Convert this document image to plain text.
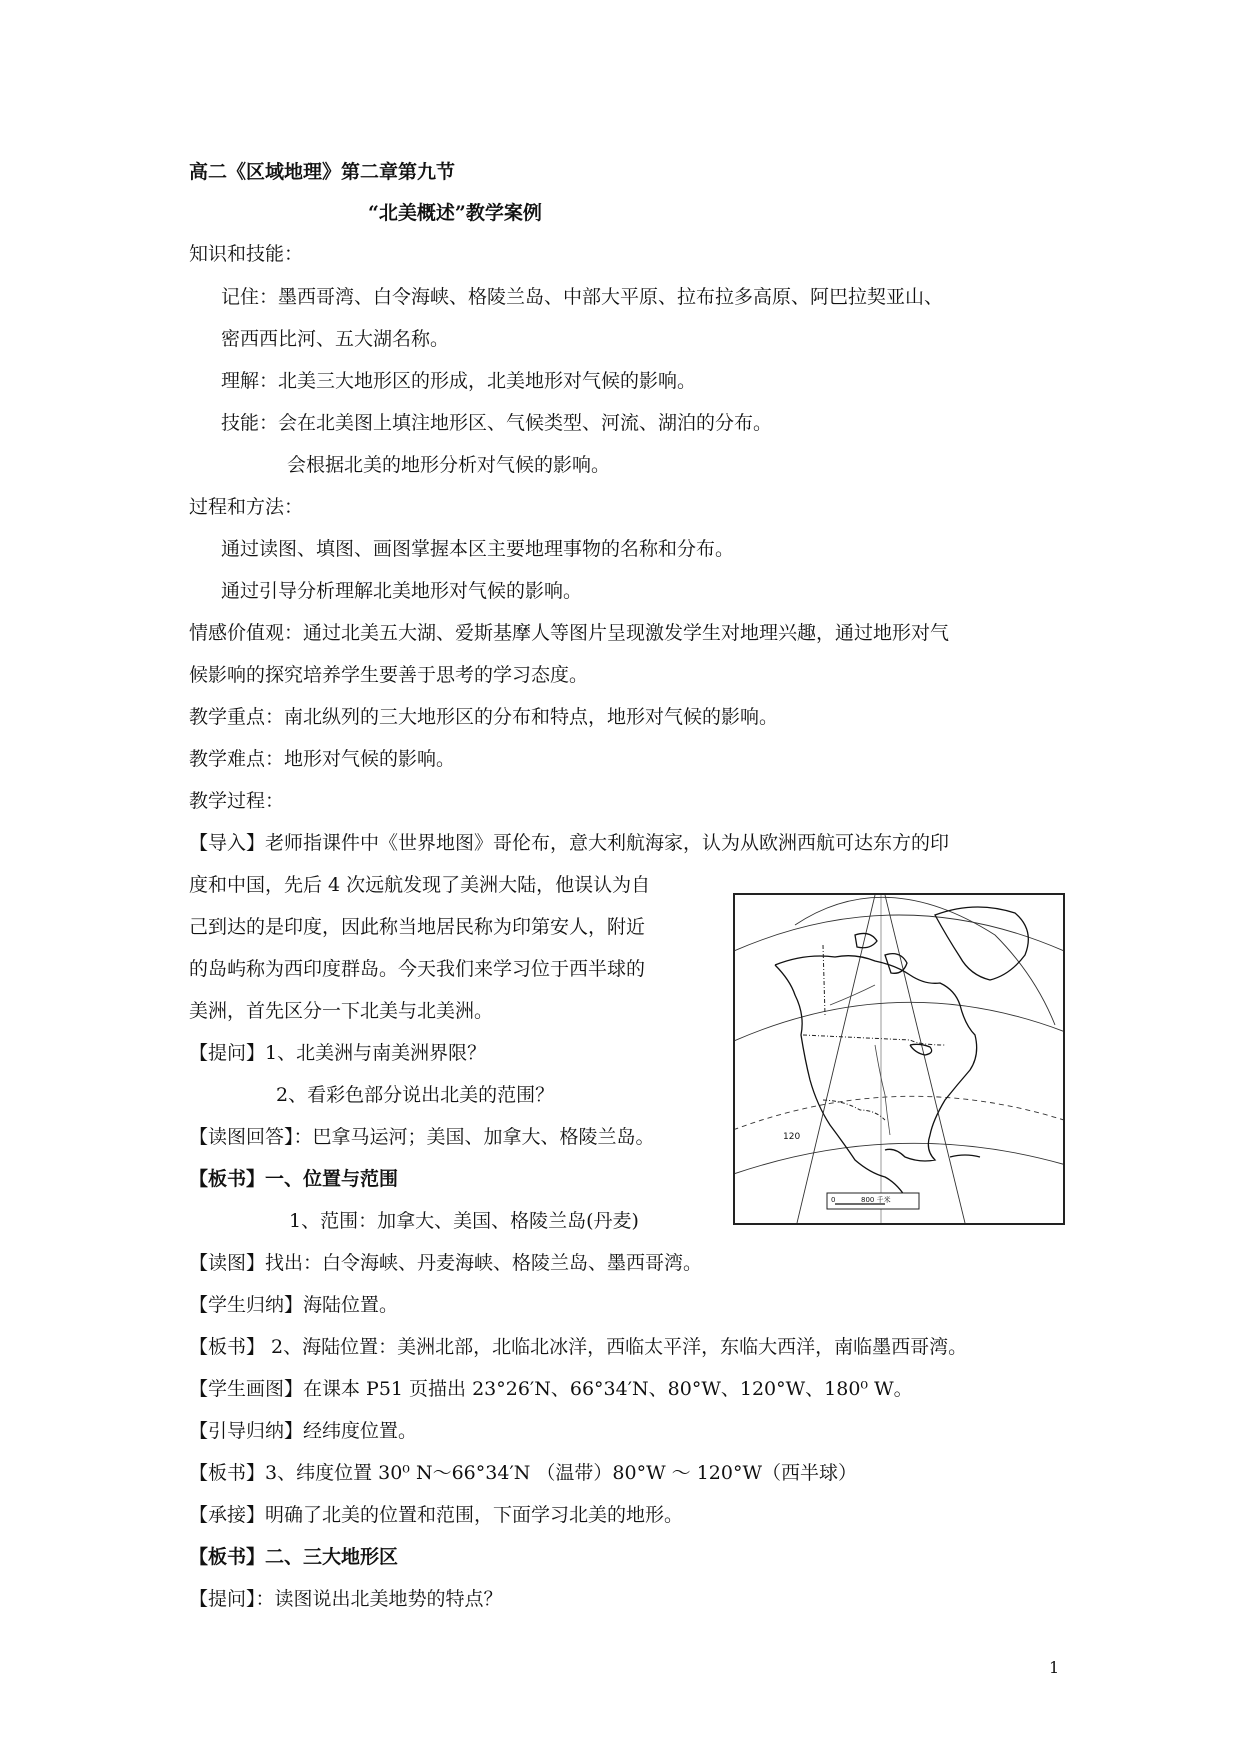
高二《区域地理》第二章第九节
“北美概述”教学案例
知识和技能：
记住：墨西哥湾、白令海峡、格陵兰岛、中部大平原、拉布拉多高原、阿巴拉契亚山、
密西西比河、五大湖名称。
理解：北美三大地形区的形成，北美地形对气候的影响。
技能：会在北美图上填注地形区、气候类型、河流、湖泊的分布。
会根据北美的地形分析对气候的影响。
过程和方法：
通过读图、填图、画图掌握本区主要地理事物的名称和分布。
通过引导分析理解北美地形对气候的影响。
情感价值观：通过北美五大湖、爱斯基摩人等图片呈现激发学生对地理兴趣，通过地形对气
候影响的探究培养学生要善于思考的学习态度。
教学重点：南北纵列的三大地形区的分布和特点，地形对气候的影响。
教学难点：地形对气候的影响。
教学过程：
【导入】老师指课件中《世界地图》哥伦布，意大利航海家，认为从欧洲西航可达东方的印
度和中国，先后 4 次远航发现了美洲大陆，他误认为自
己到达的是印度，因此称当地居民称为印第安人，附近
的岛屿称为西印度群岛。今天我们来学习位于西半球的
美洲，首先区分一下北美与北美洲。
【提问】1、北美洲与南美洲界限？
2、看彩色部分说出北美的范围？
【读图回答】：巴拿马运河；美国、加拿大、格陵兰岛。
【板书】一、位置与范围
1、范围：加拿大、美国、格陵兰岛(丹麦)
【读图】找出：白令海峡、丹麦海峡、格陵兰岛、墨西哥湾。
【学生归纳】海陆位置。
【板书】 2、海陆位置：美洲北部，北临北冰洋，西临太平洋，东临大西洋，南临墨西哥湾。
【学生画图】在课本 P51 页描出 23°26′N、66°34′N、80°W、120°W、180⁰ W。
【引导归纳】经纬度位置。
【板书】3、纬度位置 30⁰ N～66°34′N （温带）80°W ～ 120°W（西半球）
【承接】明确了北美的位置和范围，下面学习北美的地形。
【板书】二、三大地形区
【提问】：读图说出北美地势的特点？
120
0	800 千米
1
